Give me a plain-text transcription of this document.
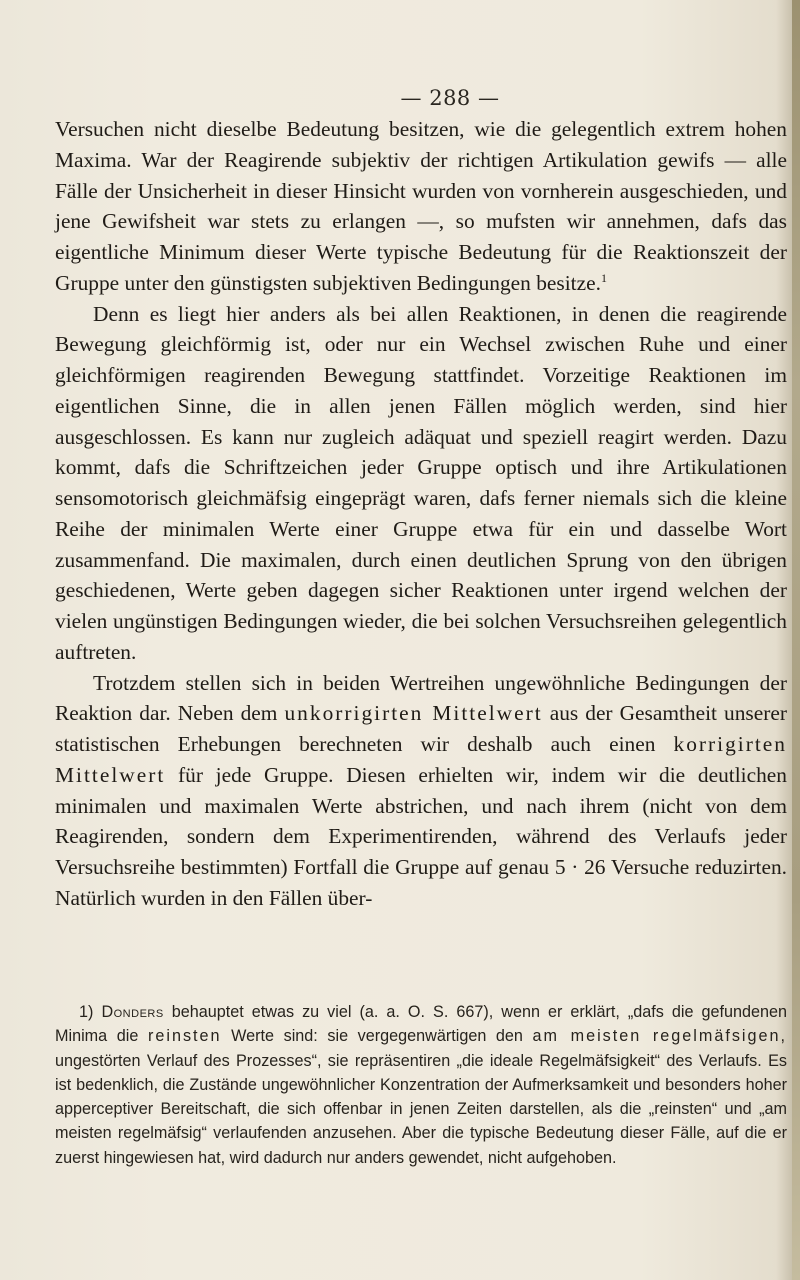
— 288 —

Versuchen nicht dieselbe Bedeutung besitzen, wie die gelegentlich extrem hohen Maxima. War der Reagirende subjektiv der richtigen Artikulation gewifs — alle Fälle der Unsicherheit in dieser Hinsicht wurden von vornherein ausgeschieden, und jene Gewifsheit war stets zu erlangen —, so mufsten wir annehmen, dafs das eigentliche Minimum dieser Werte typische Bedeutung für die Reaktionszeit der Gruppe unter den günstigsten subjektiven Bedingungen besitze.$^1$

Denn es liegt hier anders als bei allen Reaktionen, in denen die reagirende Bewegung gleichförmig ist, oder nur ein Wechsel zwischen Ruhe und einer gleichförmigen reagirenden Bewegung stattfindet. Vorzeitige Reaktionen im eigentlichen Sinne, die in allen jenen Fällen möglich werden, sind hier ausgeschlossen. Es kann nur zugleich adäquat und speziell reagirt werden. Dazu kommt, dafs die Schriftzeichen jeder Gruppe optisch und ihre Artikulationen sensomotorisch gleichmäfsig eingeprägt waren, dafs ferner niemals sich die kleine Reihe der minimalen Werte einer Gruppe etwa für ein und dasselbe Wort zusammenfand. Die maximalen, durch einen deutlichen Sprung von den übrigen geschiedenen, Werte geben dagegen sicher Reaktionen unter irgend welchen der vielen ungünstigen Bedingungen wieder, die bei solchen Versuchsreihen gelegentlich auftreten.

Trotzdem stellen sich in beiden Wertreihen ungewöhnliche Bedingungen der Reaktion dar. Neben dem unkorrigirten Mittelwert aus der Gesamtheit unserer statistischen Erhebungen berechneten wir deshalb auch einen korrigirten Mittelwert für jede Gruppe. Diesen erhielten wir, indem wir die deutlichen minimalen und maximalen Werte abstrichen, und nach ihrem (nicht von dem Reagirenden, sondern dem Experimentirenden, während des Verlaufs jeder Versuchsreihe bestimmten) Fortfall die Gruppe auf genau 5 · 26 Versuche reduzirten. Natürlich wurden in den Fällen über-

1) Donders behauptet etwas zu viel (a. a. O. S. 667), wenn er erklärt, „dafs die gefundenen Minima die reinsten Werte sind: sie vergegenwärtigen den am meisten regelmäfsigen, ungestörten Verlauf des Prozesses“, sie repräsentiren „die ideale Regelmäfsigkeit“ des Verlaufs. Es ist bedenklich, die Zustände ungewöhnlicher Konzentration der Aufmerksamkeit und besonders hoher apperceptiver Bereitschaft, die sich offenbar in jenen Zeiten darstellen, als die „reinsten“ und „am meisten regelmäfsig“ verlaufenden anzusehen. Aber die typische Bedeutung dieser Fälle, auf die er zuerst hingewiesen hat, wird dadurch nur anders gewendet, nicht aufgehoben.
